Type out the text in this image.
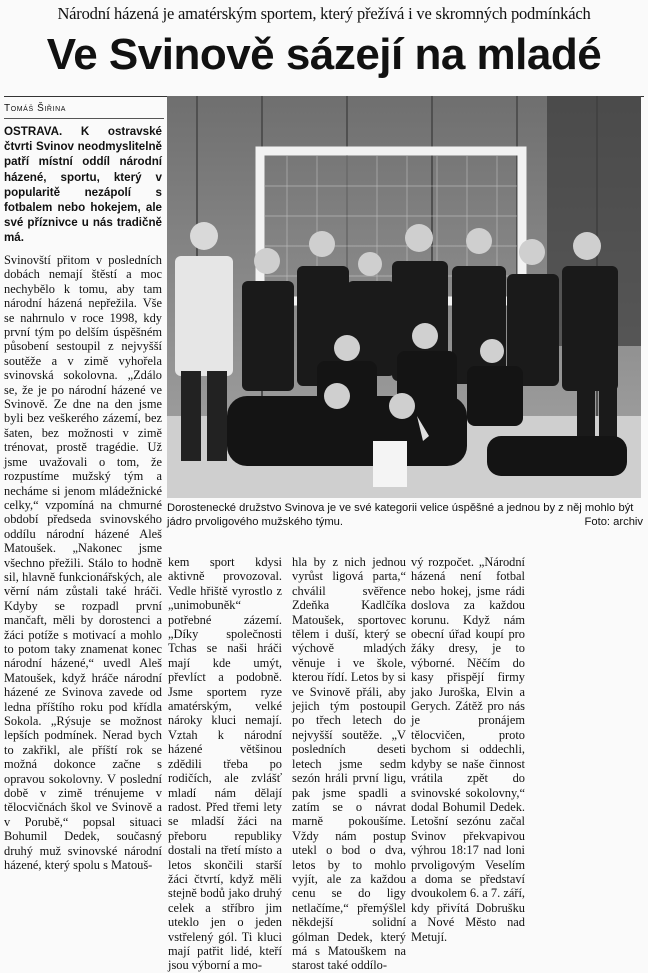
Národní házená je amatérským sportem, který přežívá i ve skromných podmínkách
Ve Svinově sázejí na mladé
Tomáš Šiřina
OSTRAVA. K ostravské čtvrti Svinov neodmyslitelně patří místní oddíl národní házené, sportu, který v popularitě nezápolí s fotbalem nebo hokejem, ale své příznivce u nás tradičně má.
Svinovští přitom v posledních dobách nemají štěstí a moc nechybělo k tomu, aby tam národní házená nepřežila. Vše se nahrnulo v roce 1998, kdy první tým po delším úspěšném působení sestoupil z nejvyšší soutěže a v zimě vyhořela svinovská sokolovna. „Zdálo se, že je po národní házené ve Svinově. Ze dne na den jsme byli bez veškerého zázemí, bez šaten, bez možnosti v zimě trénovat, prostě tragédie. Už jsme uvažovali o tom, že rozpustíme mužský tým a necháme si jenom mládežnické celky,“ vzpomíná na chmurné období předseda svinovského oddílu národní házené Aleš Matoušek. „Nakonec jsme všechno přežili. Stálo to hodně sil, hlavně funkcionářských, ale věrní nám zůstali také hráči. Kdyby se rozpadl první mančaft, měli by dorostenci a žáci potíže s motivací a mohlo to potom taky znamenat konec národní házené,“ uvedl Aleš Matoušek, když hráče národní házené ze Svinova zavede od ledna příštího roku pod křídla Sokola. „Rýsuje se možnost lepších podmínek. Nerad bych to zakřikl, ale příští rok se možná dokonce začne s opravou sokolovny. V poslední době v zimě trénujeme v tělocvičnách škol ve Svinově a v Porubě,“ popsal situaci Bohumil Dedek, současný druhý muž svinovské národní házené, který spolu s Matouš-
Dorostenecké družstvo Svinova je ve své kategorii velice úspěšné a jednou by z něj mohlo být jádro prvoligového mužského týmu.	Foto: archiv
kem sport kdysi aktivně provozoval. Vedle hřiště vyrostlo z „unimobuněk“ potřebné zázemí. „Díky společnosti Tchas se naši hráči mají kde umýt, převlíct a podobně. Jsme sportem ryze amatérským, velké nároky kluci nemají. Vztah k národní házené většinou zdědili třeba po rodičích, ale zvlášť mladí nám dělají radost. Před třemi lety se mladší žáci na přeboru republiky dostali na třetí místo a letos skončili starší žáci čtvrtí, když měli stejně bodů jako druhý celek a stříbro jim uteklo jen o jeden vstřelený gól. Ti kluci mají patřit lidé, kteří jsou výborní a mo-
hla by z nich jednou vyrůst ligová parta,“ chválil svěřence Zdeňka Kadlčíka Matoušek, sportovec tělem i duší, který se výchově mladých věnuje i ve škole, kterou řídí. Letos by si ve Svinově přáli, aby jejich tým postoupil po třech letech do nejvyšší soutěže. „V posledních deseti letech jsme sedm sezón hráli první ligu, pak jsme spadli a zatím se o návrat marně pokoušíme. Vždy nám postup utekl o bod o dva, letos by to mohlo vyjít, ale za každou cenu se do ligy netlačíme,“ přemýšlel někdejší solidní gólman Dedek, který má s Matouškem na starost také oddílo-
vý rozpočet. „Národní házená není fotbal nebo hokej, jsme rádi doslova za každou korunu. Když nám obecní úřad koupí pro žáky dresy, je to výborné. Něčím do kasy přispějí firmy jako Juroška, Elvin a Gerych. Zátěž pro nás je pronájem tělocvičen, proto bychom si oddechli, kdyby se naše činnost vrátila zpět do svinovské sokolovny,“ dodal Bohumil Dedek. Letošní sezónu začal Svinov překvapivou výhrou 18:17 nad loni prvoligovým Veselím a doma se představí dvoukolem 6. a 7. září, kdy přivítá Dobrušku a Nové Město nad Metují.
